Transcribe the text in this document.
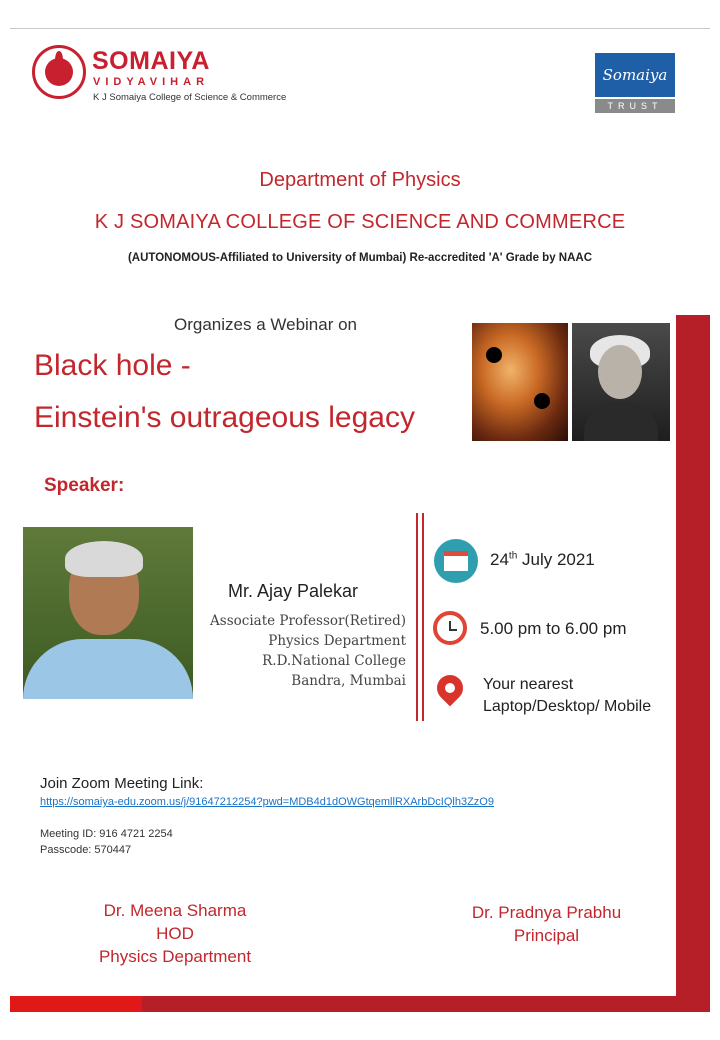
SOMAIYA
VIDYAVIHAR
K J Somaiya College of Science & Commerce
Somaiya
TRUST
Department of Physics
K J SOMAIYA COLLEGE OF SCIENCE AND COMMERCE
(AUTONOMOUS-Affiliated to University of Mumbai) Re-accredited 'A' Grade by NAAC
Organizes a Webinar on
Black hole -
Einstein's outrageous legacy
Speaker:
Mr. Ajay Palekar
Associate Professor(Retired)
Physics Department
R.D.National College
Bandra, Mumbai
24th July 2021
5.00 pm to 6.00 pm
Your nearest Laptop/Desktop/ Mobile
Join Zoom Meeting Link:
https://somaiya-edu.zoom.us/j/91647212254?pwd=MDB4d1dOWGtqemllRXArbDcIQlh3ZzO9
Meeting ID: 916 4721 2254
Passcode: 570447
Dr. Meena Sharma
HOD
Physics Department
Dr. Pradnya Prabhu
Principal
